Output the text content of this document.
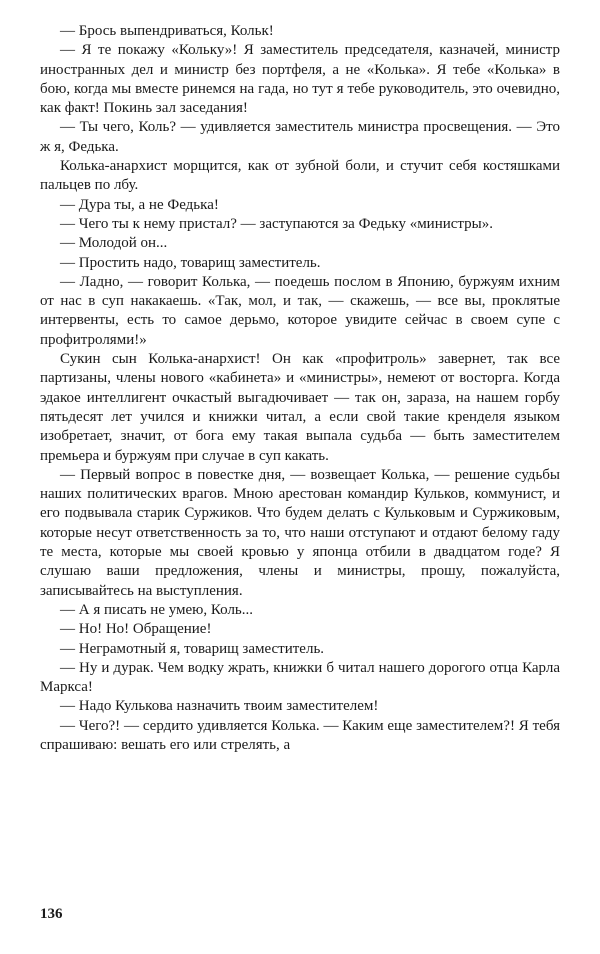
— Брось выпендриваться, Кольк!

— Я те покажу «Кольку»! Я заместитель председателя, казначей, министр иностранных дел и министр без портфеля, а не «Колька». Я тебе «Колька» в бою, когда мы вместе ринемся на гада, но тут я тебе руководитель, это очевидно, как факт! Покинь зал заседания!

— Ты чего, Коль? — удивляется заместитель министра просвещения. — Это ж я, Федька.

Колька-анархист морщится, как от зубной боли, и стучит себя костяшками пальцев по лбу.

— Дура ты, а не Федька!

— Чего ты к нему пристал? — заступаются за Федьку «министры».

— Молодой он...

— Простить надо, товарищ заместитель.

— Ладно, — говорит Колька, — поедешь послом в Японию, буржуям ихним от нас в суп накакаешь. «Так, мол, и так, — скажешь, — все вы, проклятые интервенты, есть то самое дерьмо, которое увидите сейчас в своем супе с профитролями!»

Сукин сын Колька-анархист! Он как «профитроль» завернет, так все партизаны, члены нового «кабинета» и «министры», немеют от восторга. Когда эдакое интеллигент очкастый выгадючивает — так он, зараза, на нашем горбу пятьдесят лет учился и книжки читал, а если свой такие кренделя языком изобретает, значит, от бога ему такая выпала судьба — быть заместителем премьера и буржуям при случае в суп какать.

— Первый вопрос в повестке дня, — возвещает Колька, — решение судьбы наших политических врагов. Мною арестован командир Кульков, коммунист, и его подвывала старик Суржиков. Что будем делать с Кульковым и Суржиковым, которые несут ответственность за то, что наши отступают и отдают белому гаду те места, которые мы своей кровью у японца отбили в двадцатом годе? Я слушаю ваши предложения, члены и министры, прошу, пожалуйста, записывайтесь на выступления.

— А я писать не умею, Коль...

— Но! Но! Обращение!

— Неграмотный я, товарищ заместитель.

— Ну и дурак. Чем водку жрать, книжки б читал нашего дорогого отца Карла Маркса!

— Надо Кулькова назначить твоим заместителем!

— Чего?! — сердито удивляется Колька. — Каким еще заместителем?! Я тебя спрашиваю: вешать его или стрелять, а

136
